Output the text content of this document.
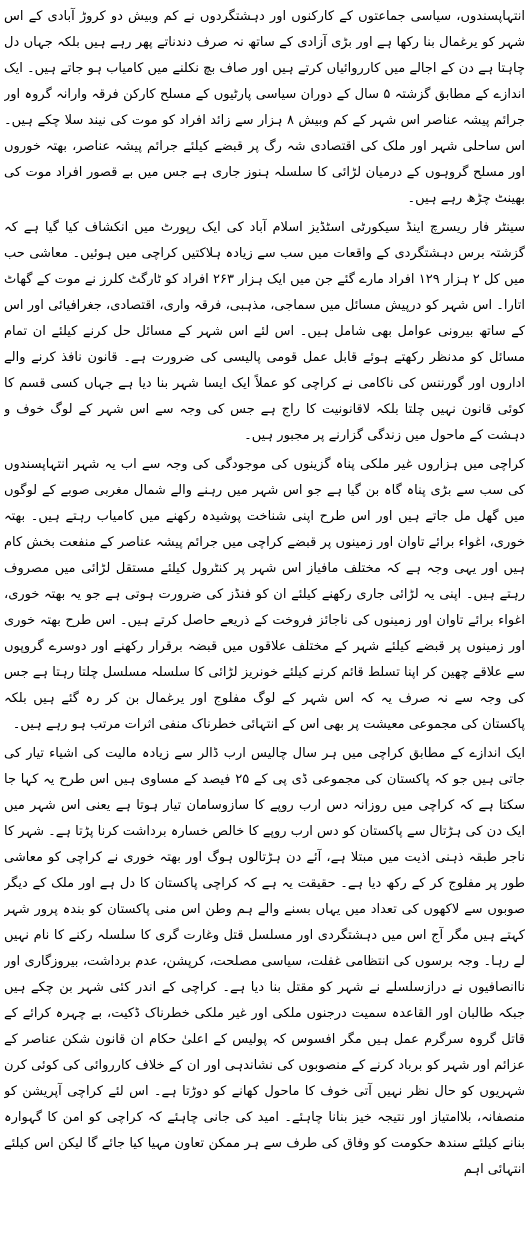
انتہاپسندوں، سیاسی جماعتوں کے کارکنوں اور دہشتگردوں نے کم وبیش دو کروڑ آبادی کے اس شہر کو یرغمال بنا رکھا ہے اور بڑی آزادی کے ساتھ نہ صرف دندناتے پھر رہے ہیں بلکہ جہاں دل چاہتا ہے دن کے اجالے میں کارروائیاں کرتے ہیں اور صاف بچ نکلنے میں کامیاب ہو جاتے ہیں۔ ایک اندازے کے مطابق گزشتہ ۵ سال کے دوران سیاسی پارٹیوں کے مسلح کارکن فرقہ وارانہ گروہ اور جرائم پیشہ عناصر اس شہر کے کم وبیش ۸ ہزار سے زائد افراد کو موت کی نیند سلا چکے ہیں۔ اس ساحلی شہر اور ملک کی اقتصادی شہ رگ پر قبضے کیلئے جرائم پیشہ عناصر، بھتہ خوروں اور مسلح گروہوں کے درمیان لڑائی کا سلسلہ ہنوز جاری ہے جس میں بے قصور افراد موت کی بھینٹ چڑھ رہے ہیں۔

سینٹر فار ریسرچ اینڈ سیکورٹی اسٹڈیز اسلام آباد کی ایک رپورٹ میں انکشاف کیا گیا ہے کہ گزشتہ برس دہشتگردی کے واقعات میں سب سے زیادہ ہلاکتیں کراچی میں ہوئیں۔ معاشی حب میں کل ۲ ہزار ۱۲۹ افراد مارے گئے جن میں ایک ہزار ۲۶۳ افراد کو ٹارگٹ کلرز نے موت کے گھاٹ اتارا۔ اس شہر کو درپیش مسائل میں سماجی، مذہبی، فرقہ واری، اقتصادی، جغرافیائی اور اس کے ساتھ بیرونی عوامل بھی شامل ہیں۔ اس لئے اس شہر کے مسائل حل کرنے کیلئے ان تمام مسائل کو مدنظر رکھتے ہوئے قابل عمل قومی پالیسی کی ضرورت ہے۔ قانون نافذ کرنے والے اداروں اور گورننس کی ناکامی نے کراچی کو عملاً ایک ایسا شہر بنا دیا ہے جہاں کسی قسم کا کوئی قانون نہیں چلتا بلکہ لاقانونیت کا راج ہے جس کی وجہ سے اس شہر کے لوگ خوف و دہشت کے ماحول میں زندگی گزارنے پر مجبور ہیں۔

کراچی میں ہزاروں غیر ملکی پناہ گزینوں کی موجودگی کی وجہ سے اب یہ شہر انتہاپسندوں کی سب سے بڑی پناہ گاہ بن گیا ہے جو اس شہر میں رہنے والے شمال مغربی صوبے کے لوگوں میں گھل مل جاتے ہیں اور اس طرح اپنی شناخت پوشیدہ رکھنے میں کامیاب رہتے ہیں۔ بھتہ خوری، اغواء برائے تاوان اور زمینوں پر قبضے کراچی میں جرائم پیشہ عناصر کے منفعت بخش کام ہیں اور یہی وجہ ہے کہ مختلف مافیاز اس شہر پر کنٹرول کیلئے مستقل لڑائی میں مصروف رہتے ہیں۔ اپنی یہ لڑائی جاری رکھنے کیلئے ان کو فنڈز کی ضرورت ہوتی ہے جو یہ بھتہ خوری، اغواء برائے تاوان اور زمینوں کی ناجائز فروخت کے ذریعے حاصل کرتے ہیں۔ اس طرح بھتہ خوری اور زمینوں پر قبضے کیلئے شہر کے مختلف علاقوں میں قبضہ برقرار رکھنے اور دوسرے گروپوں سے علاقے چھین کر اپنا تسلط قائم کرنے کیلئے خونریز لڑائی کا سلسلہ مسلسل چلتا رہتا ہے جس کی وجہ سے نہ صرف یہ کہ اس شہر کے لوگ مفلوج اور یرغمال بن کر رہ گئے ہیں بلکہ پاکستان کی مجموعی معیشت پر بھی اس کے انتہائی خطرناک منفی اثرات مرتب ہو رہے ہیں۔

ایک اندازے کے مطابق کراچی میں ہر سال چالیس ارب ڈالر سے زیادہ مالیت کی اشیاء تیار کی جاتی ہیں جو کہ پاکستان کی مجموعی ڈی پی کے ۲۵ فیصد کے مساوی ہیں اس طرح یہ کہا جا سکتا ہے کہ کراچی میں روزانہ دس ارب روپے کا سازوسامان تیار ہوتا ہے یعنی اس شہر میں ایک دن کی ہڑتال سے پاکستان کو دس ارب روپے کا خالص خسارہ برداشت کرنا پڑتا ہے۔ شہر کا ناجر طبقہ ذہنی اذیت میں مبتلا ہے، آئے دن ہڑتالوں ہوگ اور بھتہ خوری نے کراچی کو معاشی طور پر مفلوج کر کے رکھ دیا ہے۔ حقیقت یہ ہے کہ کراچی پاکستان کا دل ہے اور ملک کے دیگر صوبوں سے لاکھوں کی تعداد میں یہاں بسنے والے ہم وطن اس منی پاکستان کو بندہ پرور شہر کہتے ہیں مگر آج اس میں دہشتگردی اور مسلسل قتل وغارت گری کا سلسلہ رکنے کا نام نہیں لے رہا۔ وجہ برسوں کی انتظامی غفلت، سیاسی مصلحت، کرپشن، عدم برداشت، بیروزگاری اور ناانصافیوں نے درازسلسلے نے شہر کو مقتل بنا دیا ہے۔ کراچی کے اندر کئی شہر بن چکے ہیں جبکہ طالبان اور القاعدہ سمیت درجنوں ملکی اور غیر ملکی خطرناک ڈکیت، بے چہرہ کرائے کے قاتل گروہ سرگرم عمل ہیں مگر افسوس کہ پولیس کے اعلیٰ حکام ان قانون شکن عناصر کے عزائم اور شہر کو برباد کرنے کے منصوبوں کی نشاندہی اور ان کے خلاف کارروائی کی کوئی کرن شہریوں کو حال نظر نہیں آتی خوف کا ماحول کھانے کو دوڑتا ہے۔ اس لئے کراچی آپریشن کو منصفانہ، بلاامتیاز اور نتیجہ خیز بنانا چاہئے۔ امید کی جانی چاہئے کہ کراچی کو امن کا گہوارہ بنانے کیلئے سندھ حکومت کو وفاق کی طرف سے ہر ممکن تعاون مہیا کیا جائے گا لیکن اس کیلئے انتہائی اہم
